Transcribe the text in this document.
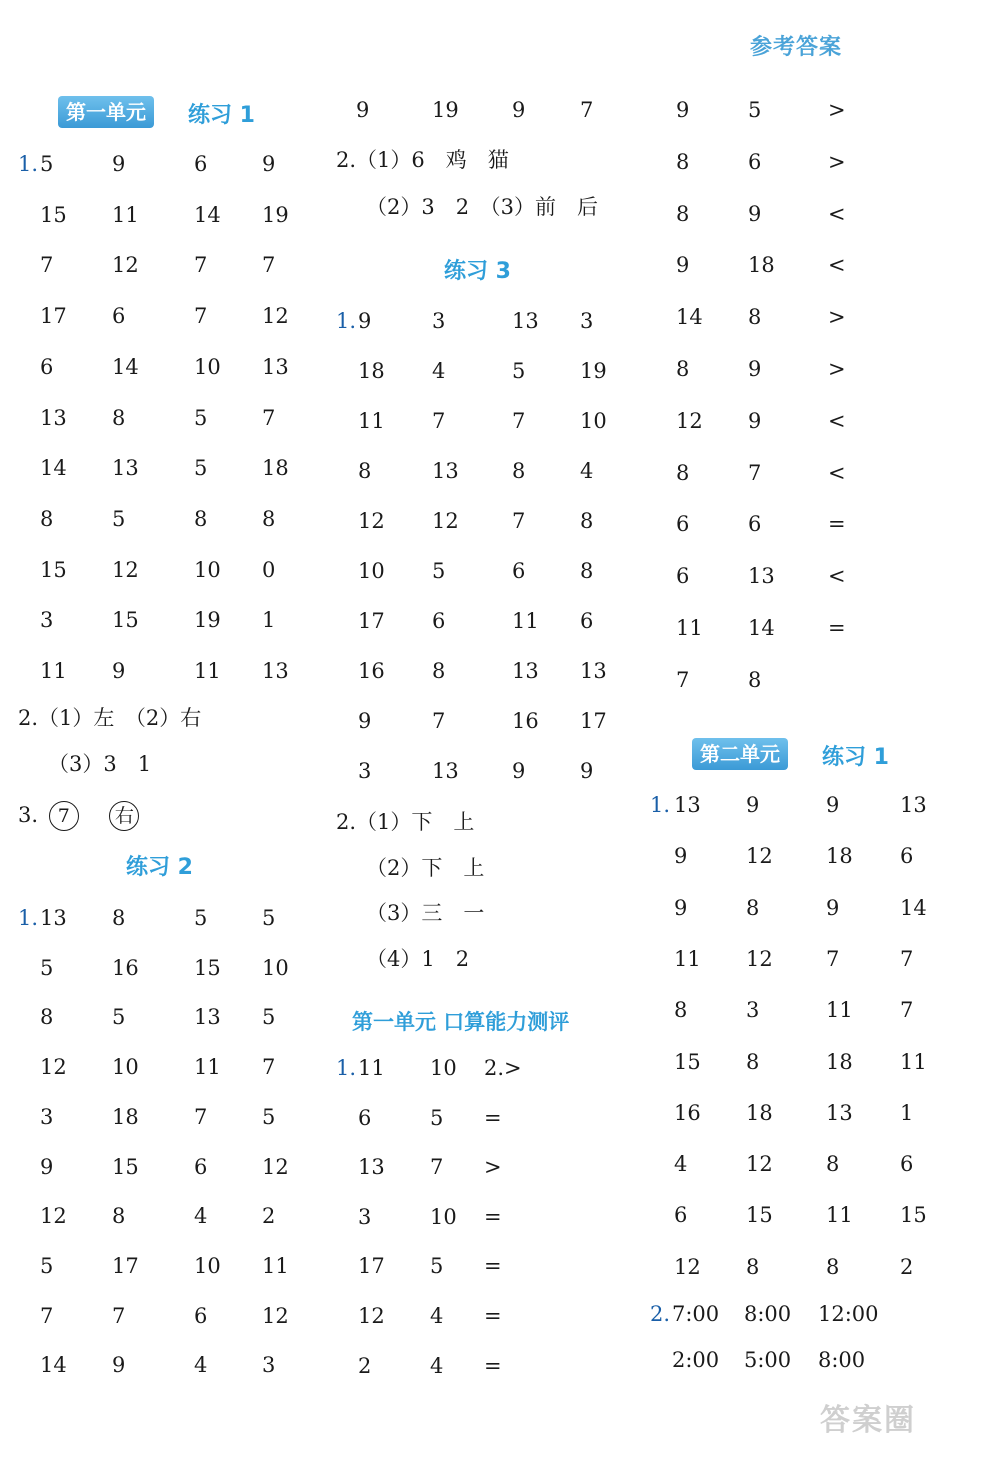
参考答案
第一单元	练习 1
1. 5	9	6	9
15 11	14 19
7	12	7	7
17 6	7	12
6	14	10 13
13 8	5	7
14 13	5	18
8	5	8	8
15 12	10 0
3	15	19 1
11 9	11 13
2.（1）左　（2）右
（3）3　1
3. 7 右
练习 2
1. 13 8	5	5
5	16	15 10
8	5	13 5
12 10	11 7
3	18	7	5
9	15	6	12
12 8	4	2
5	17	10 11
7	7	6	12
14 9	4	3
9	19	9	7
2.（1）6　鸡　猫
（2）3　2　（3）前　后
练习 3
1. 9	3	13 3
18 4	5	19
11 7	7	10
8	13	8	4
12 12	7	8
10 5	6	8
17 6	11 6
16 8	13 13
9	7	16 17
3	13	9	9
2.（1）下　上
（2）下　上
（3）三　一
（4）1　2
第一单元 口算能力测评
1. 11 10 2.>
6	5 =
13 7 >
3	10 =
17 5 =
12 4 =
2	4 =
9	5	>
8	6	>
8	9	<
9	18	<
14 8	>
8	9	>
12 9	<
8	7	<
6	6	=
6	13	<
11 14	=
7	8
第二单元	练习 1
1. 13 9	9	13
9	12	18 6
9	8	9	14
11 12	7	7
8	3	11 7
15 8	18 11
16 18	13 1
4	12	8	6
6	15	11 15
12 8	8	2
2. 7:00 8:00 12:00
2:00 5:00 8:00
答案圈
